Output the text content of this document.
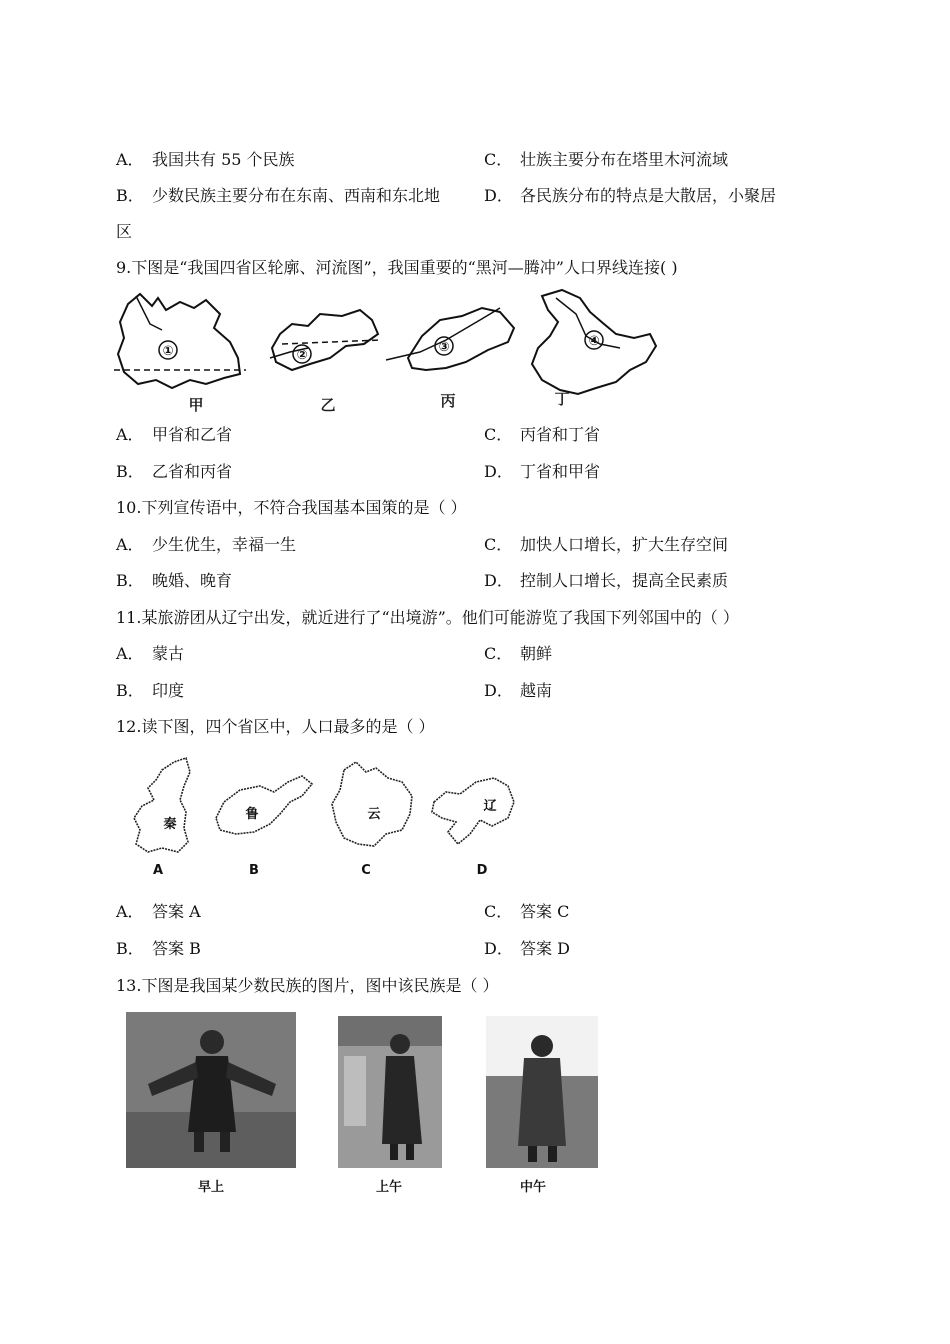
A． 我国共有 55 个民族	C． 壮族主要分布在塔里木河流域
B． 少数民族主要分布在东南、西南和东北地	D． 各民族分布的特点是大散居，小聚居
区
9.下图是“我国四省区轮廓、河流图”，我国重要的“黑河—腾冲”人口界线连接( )
①
甲
②
乙
③
丙
④
丁
A． 甲省和乙省	C． 丙省和丁省
B． 乙省和丙省	D． 丁省和甲省
10.下列宣传语中，不符合我国基本国策的是（ ）
A． 少生优生，幸福一生	C． 加快人口增长，扩大生存空间
B． 晚婚、晚育	D． 控制人口增长，提高全民素质
11.某旅游团从辽宁出发，就近进行了“出境游”。他们可能游览了我国下列邻国中的（ ）
A． 蒙古	C． 朝鲜
B． 印度	D． 越南
12.读下图，四个省区中，人口最多的是（ ）
秦
A
鲁
B
云
C
辽
D
A． 答案 A	C． 答案 C
B． 答案 B	D． 答案 D
13.下图是我国某少数民族的图片，图中该民族是（ ）
早上	上午	中午
